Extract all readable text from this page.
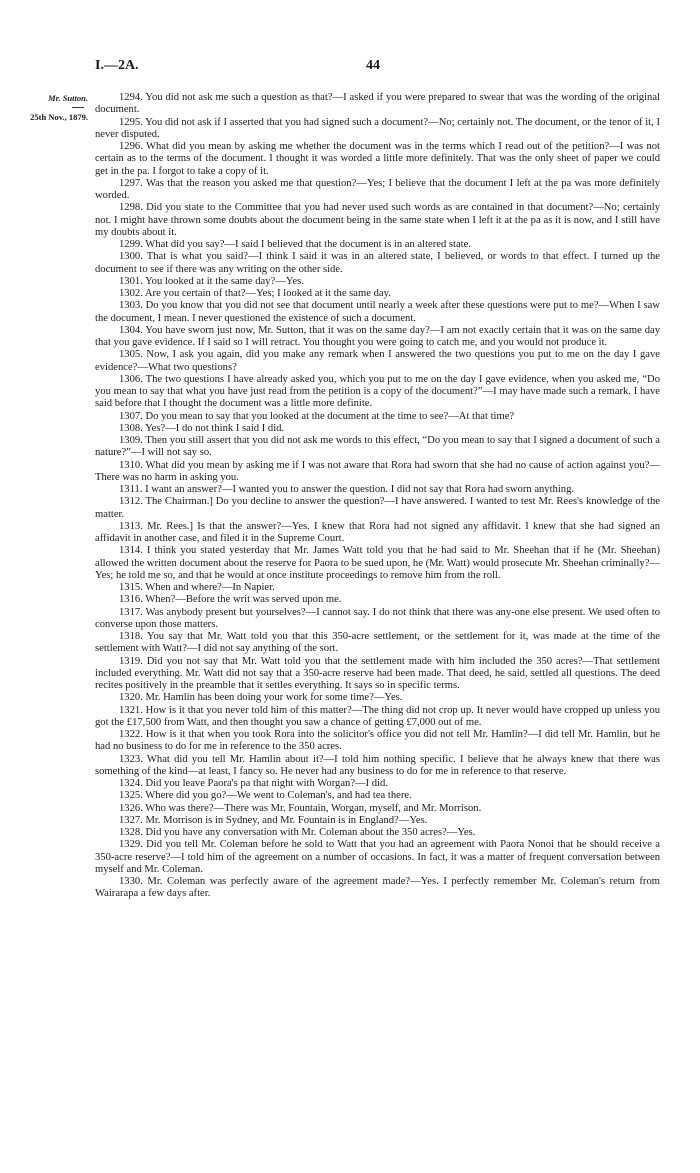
I.—2A.	44
Mr. Sutton.
25th Nov., 1879.

1294. You did not ask me such a question as that?—I asked if you were prepared to swear that was the wording of the original document.

1295. You did not ask if I asserted that you had signed such a document?—No; certainly not. The document, or the tenor of it, I never disputed.

1296. What did you mean by asking me whether the document was in the terms which I read out of the petition?—I was not certain as to the terms of the document. I thought it was worded a little more definitely. That was the only sheet of paper we could get in the pa. I forgot to take a copy of it.

1297. Was that the reason you asked me that question?—Yes; I believe that the document I left at the pa was more definitely worded.

1298. Did you state to the Committee that you had never used such words as are contained in that document?—No; certainly not. I might have thrown some doubts about the document being in the same state when I left it at the pa as it is now, and I still have my doubts about it.

1299. What did you say?—I said I believed that the document is in an altered state.

1300. That is what you said?—I think I said it was in an altered state, I believed, or words to that effect. I turned up the document to see if there was any writing on the other side.

1301. You looked at it the same day?—Yes.

1302. Are you certain of that?—Yes; I looked at it the same day.

1303. Do you know that you did not see that document until nearly a week after these questions were put to me?—When I saw the document, I mean. I never questioned the existence of such a document.

1304. You have sworn just now, Mr. Sutton, that it was on the same day?—I am not exactly certain that it was on the same day that you gave evidence. If I said so I will retract. You thought you were going to catch me, and you would not produce it.

1305. Now, I ask you again, did you make any remark when I answered the two questions you put to me on the day I gave evidence?—What two questions?

1306. The two questions I have already asked you, which you put to me on the day I gave evidence, when you asked me, “Do you mean to say that what you have just read from the petition is a copy of the document?”—I may have made such a remark. I have said before that I thought the document was a little more definite.

1307. Do you mean to say that you looked at the document at the time to see?—At that time?

1308. Yes?—I do not think I said I did.

1309. Then you still assert that you did not ask me words to this effect, “Do you mean to say that I signed a document of such a nature?”—I will not say so.

1310. What did you mean by asking me if I was not aware that Rora had sworn that she had no cause of action against you?—There was no harm in asking you.

1311. I want an answer?—I wanted you to answer the question. I did not say that Rora had sworn anything.

1312. The Chairman.] Do you decline to answer the question?—I have answered. I wanted to test Mr. Rees's knowledge of the matter.

1313. Mr. Rees.] Is that the answer?—Yes. I knew that Rora had not signed any affidavit. I knew that she had signed an affidavit in another case, and filed it in the Supreme Court.

1314. I think you stated yesterday that Mr. James Watt told you that he had said to Mr. Sheehan that if he (Mr. Sheehan) allowed the written document about the reserve for Paora to be sued upon, he (Mr. Watt) would prosecute Mr. Sheehan criminally?—Yes; he told me so, and that he would at once institute proceedings to remove him from the roll.

1315. When and where?—In Napier.

1316. When?—Before the writ was served upon me.

1317. Was anybody present but yourselves?—I cannot say. I do not think that there was any-one else present. We used often to converse upon those matters.

1318. You say that Mr. Watt told you that this 350-acre settlement, or the settlement for it, was made at the time of the settlement with Watt?—I did not say anything of the sort.

1319. Did you not say that Mr. Watt told you that the settlement made with him included the 350 acres?—That settlement included everything. Mr. Watt did not say that a 350-acre reserve had been made. That deed, he said, settled all questions. The deed recites positively in the preamble that it settles everything. It says so in specific terms.

1320. Mr. Hamlin has been doing your work for some time?—Yes.

1321. How is it that you never told him of this matter?—The thing did not crop up. It never would have cropped up unless you got the £17,500 from Watt, and then thought you saw a chance of getting £7,000 out of me.

1322. How is it that when you took Rora into the solicitor's office you did not tell Mr. Hamlin?—I did tell Mr. Hamlin, but he had no business to do for me in reference to the 350 acres.

1323. What did you tell Mr. Hamlin about it?—I told him nothing specific. I believe that he always knew that there was something of the kind—at least, I fancy so. He never had any business to do for me in reference to that reserve.

1324. Did you leave Paora's pa that night with Worgan?—I did.

1325. Where did you go?—We went to Coleman's, and had tea there.

1326. Who was there?—There was Mr. Fountain, Worgan, myself, and Mr. Morrison.

1327. Mr. Morrison is in Sydney, and Mr. Fountain is in England?—Yes.

1328. Did you have any conversation with Mr. Coleman about the 350 acres?—Yes.

1329. Did you tell Mr. Coleman before he sold to Watt that you had an agreement with Paora Nonoi that he should receive a 350-acre reserve?—I told him of the agreement on a number of occasions. In fact, it was a matter of frequent conversation between myself and Mr. Coleman.

1330. Mr. Coleman was perfectly aware of the agreement made?—Yes. I perfectly remember Mr. Coleman's return from Wairarapa a few days after.
